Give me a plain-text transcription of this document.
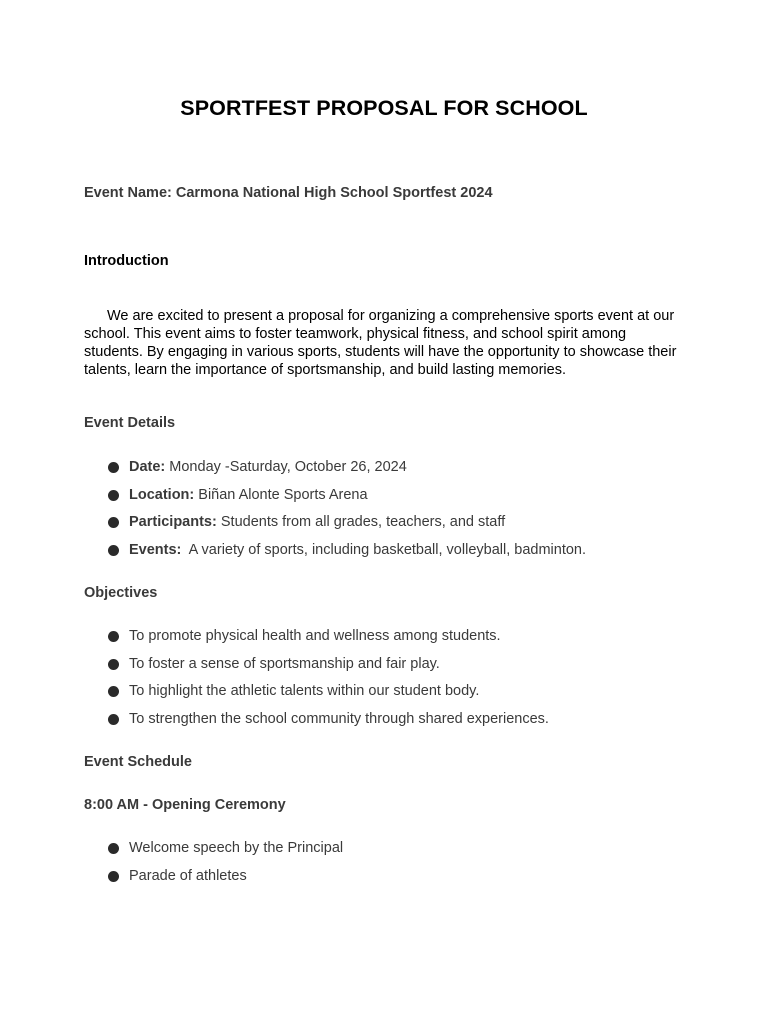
SPORTFEST PROPOSAL FOR SCHOOL
Event Name: Carmona National High School Sportfest 2024
Introduction

We are excited to present a proposal for organizing a comprehensive sports event at our school. This event aims to foster teamwork, physical fitness, and school spirit among students. By engaging in various sports, students will have the opportunity to showcase their talents, learn the importance of sportsmanship, and build lasting memories.

Event Details
Date: Monday -Saturday, October 26, 2024
Location: Biñan Alonte Sports Arena
Participants: Students from all grades, teachers, and staff
Events:  A variety of sports, including basketball, volleyball, badminton.
Objectives
To promote physical health and wellness among students.
To foster a sense of sportsmanship and fair play.
To highlight the athletic talents within our student body.
To strengthen the school community through shared experiences.
Event Schedule
8:00 AM - Opening Ceremony
Welcome speech by the Principal
Parade of athletes
